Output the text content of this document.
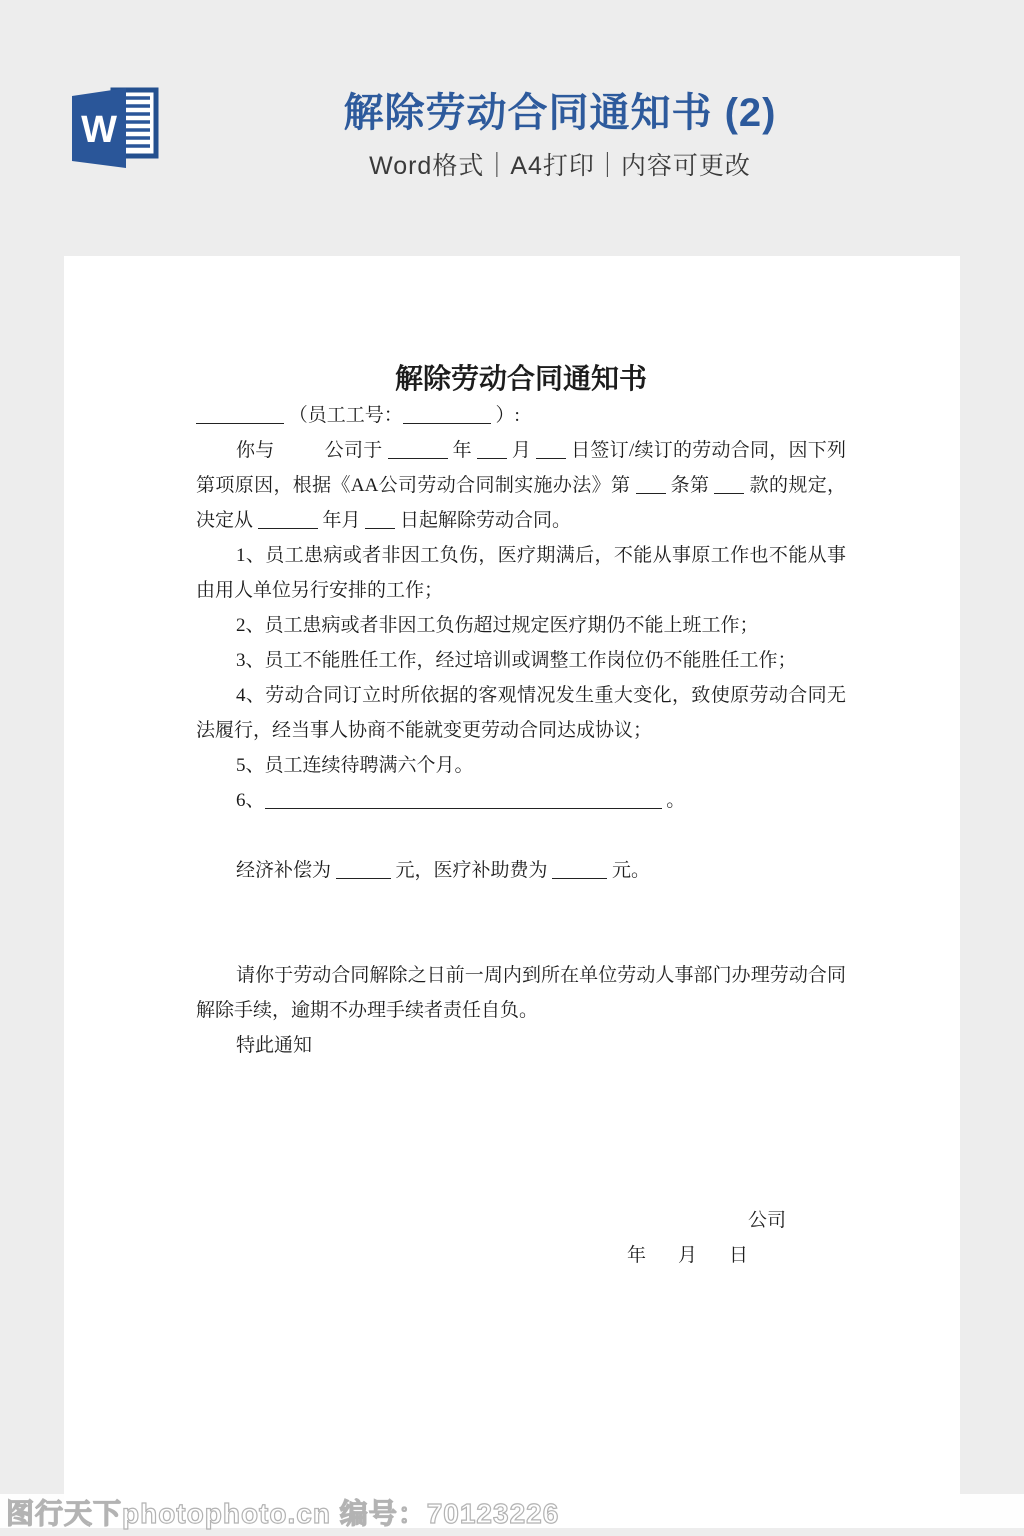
W	解除劳动合同通知书 (2)
Word格式｜A4打印｜内容可更改

解除劳动合同通知书

（员工工号：	）:

你与	公司于	年 月 日签订/续订的劳动合同，因下列第项原因，根据《AA公司劳动合同制实施办法》第 条第 款的规定，决定从	年月 日起解除劳动合同。

1、员工患病或者非因工负伤，医疗期满后，不能从事原工作也不能从事由用人单位另行安排的工作；

2、员工患病或者非因工负伤超过规定医疗期仍不能上班工作；

3、员工不能胜任工作，经过培训或调整工作岗位仍不能胜任工作；

4、劳动合同订立时所依据的客观情况发生重大变化，致使原劳动合同无法履行，经当事人协商不能就变更劳动合同达成协议；

5、员工连续待聘满六个月。

6、	。

经济补偿为	元，医疗补助费为	元。

请你于劳动合同解除之日前一周内到所在单位劳动人事部门办理劳动合同解除手续，逾期不办理手续者责任自负。

特此通知

公司

年 月 日

图行天下photophoto.cn 编号：70123226
